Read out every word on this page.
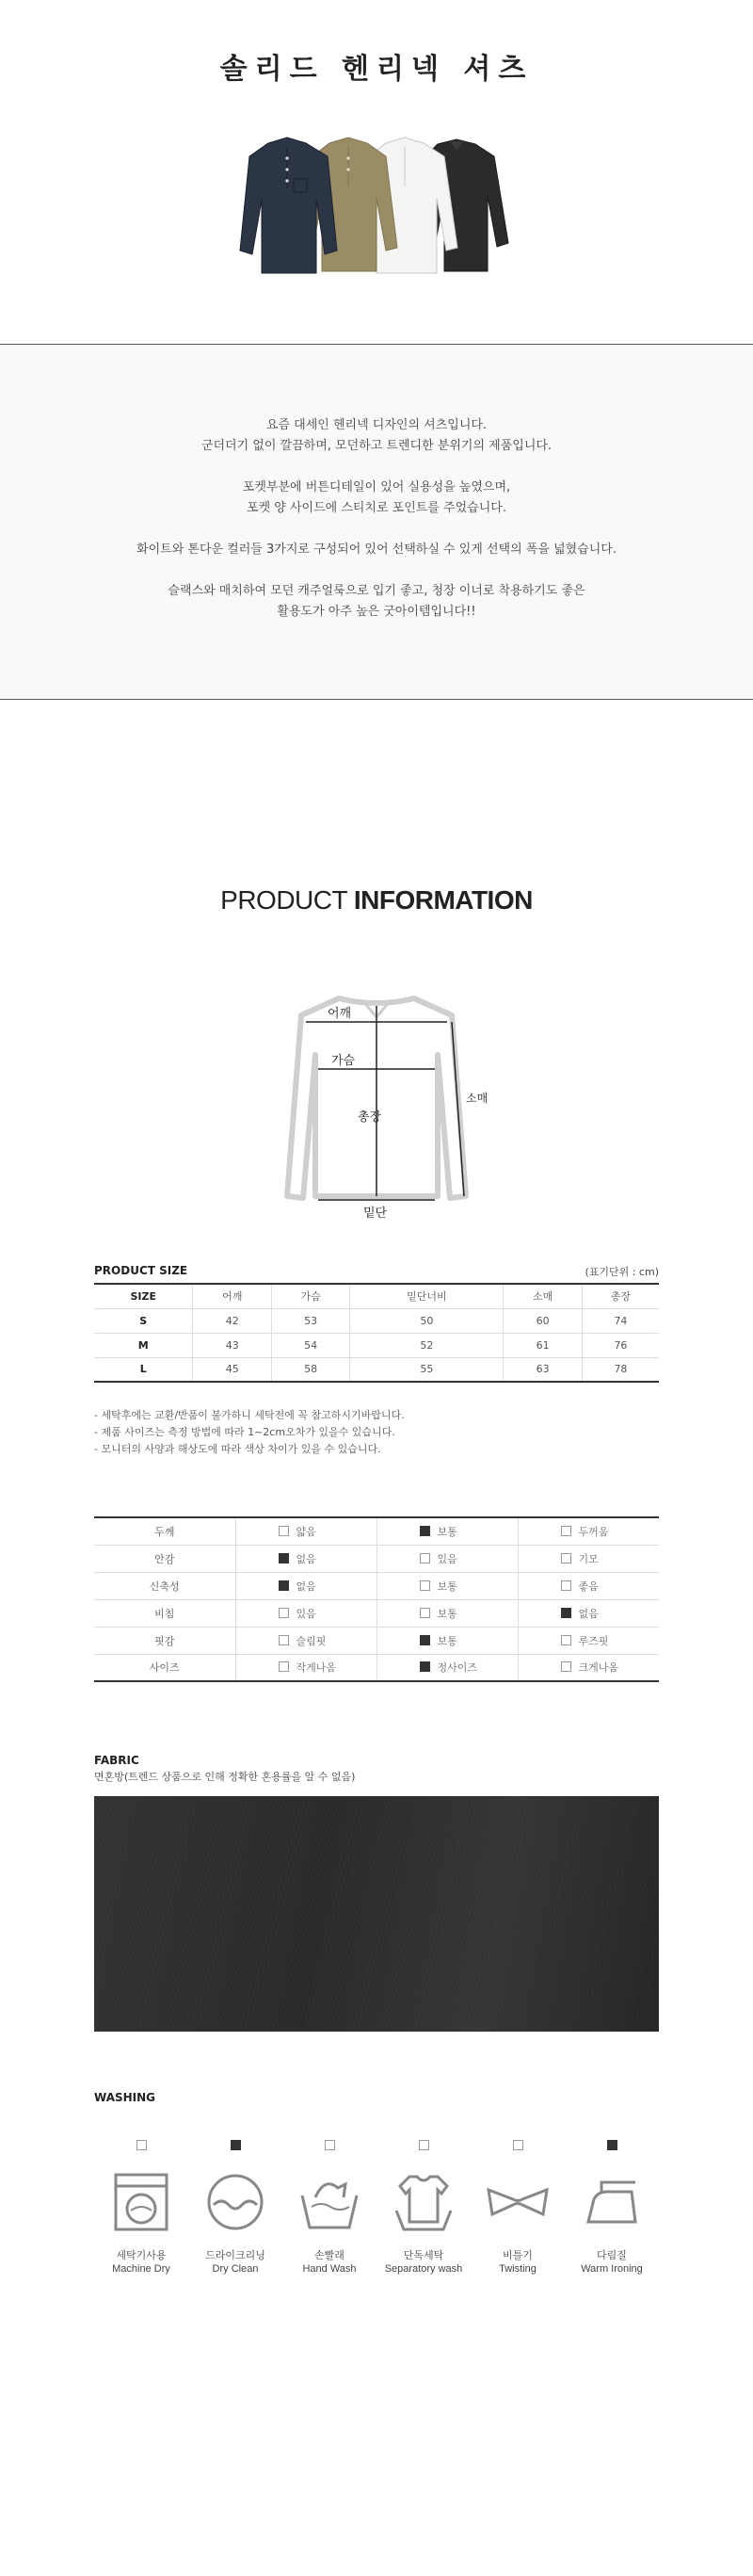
솔리드 헨리넥 셔츠
요즘 대세인 헨리넥 디자인의 셔츠입니다.
군더더기 없이 깔끔하며, 모던하고 트렌디한 분위기의 제품입니다.
포켓부분에 버튼디테일이 있어 실용성을 높였으며,
포켓 양 사이드에 스티치로 포인트를 주었습니다.
화이트와 톤다운 컬러들 3가지로 구성되어 있어 선택하실 수 있게 선택의 폭을 넓혔습니다.
슬랙스와 매치하여 모던 캐주얼룩으로 입기 좋고, 청장 이너로 착용하기도 좋은
활용도가 아주 높은 굿아이템입니다!!
PRODUCT INFORMATION
어깨
가슴
총장
소매
밑단
PRODUCT SIZE	(표기단위 : cm)
SIZE	어깨	가슴	밑단너비	소매	총장
S	42	53	50	60	74
M	43	54	52	61	76
L	45	58	55	63	78
- 세탁후에는 교환/반품이 불가하니 세탁전에 꼭 참고하시기바랍니다.
- 제품 사이즈는 측정 방법에 따라 1~2cm오차가 있을수 있습니다.
- 모니터의 사양과 해상도에 따라 색상 차이가 있을 수 있습니다.
두께	얇음	보통	두꺼움
안감	없음	있음	기모
신축성	없음	보통	좋음
비침	있음	보통	없음
핏감	슬림핏	보통	루즈핏
사이즈	작게나옴	정사이즈	크게나옴
FABRIC
면혼방(트렌드 상품으로 인해 정확한 혼용률을 알 수 없음)
WASHING
세탁기사용
Machine Dry
드라이크리닝
Dry Clean
손빨래
Hand Wash
단독세탁
Separatory wash
비틀기
Twisting
다림질
Warm Ironing
